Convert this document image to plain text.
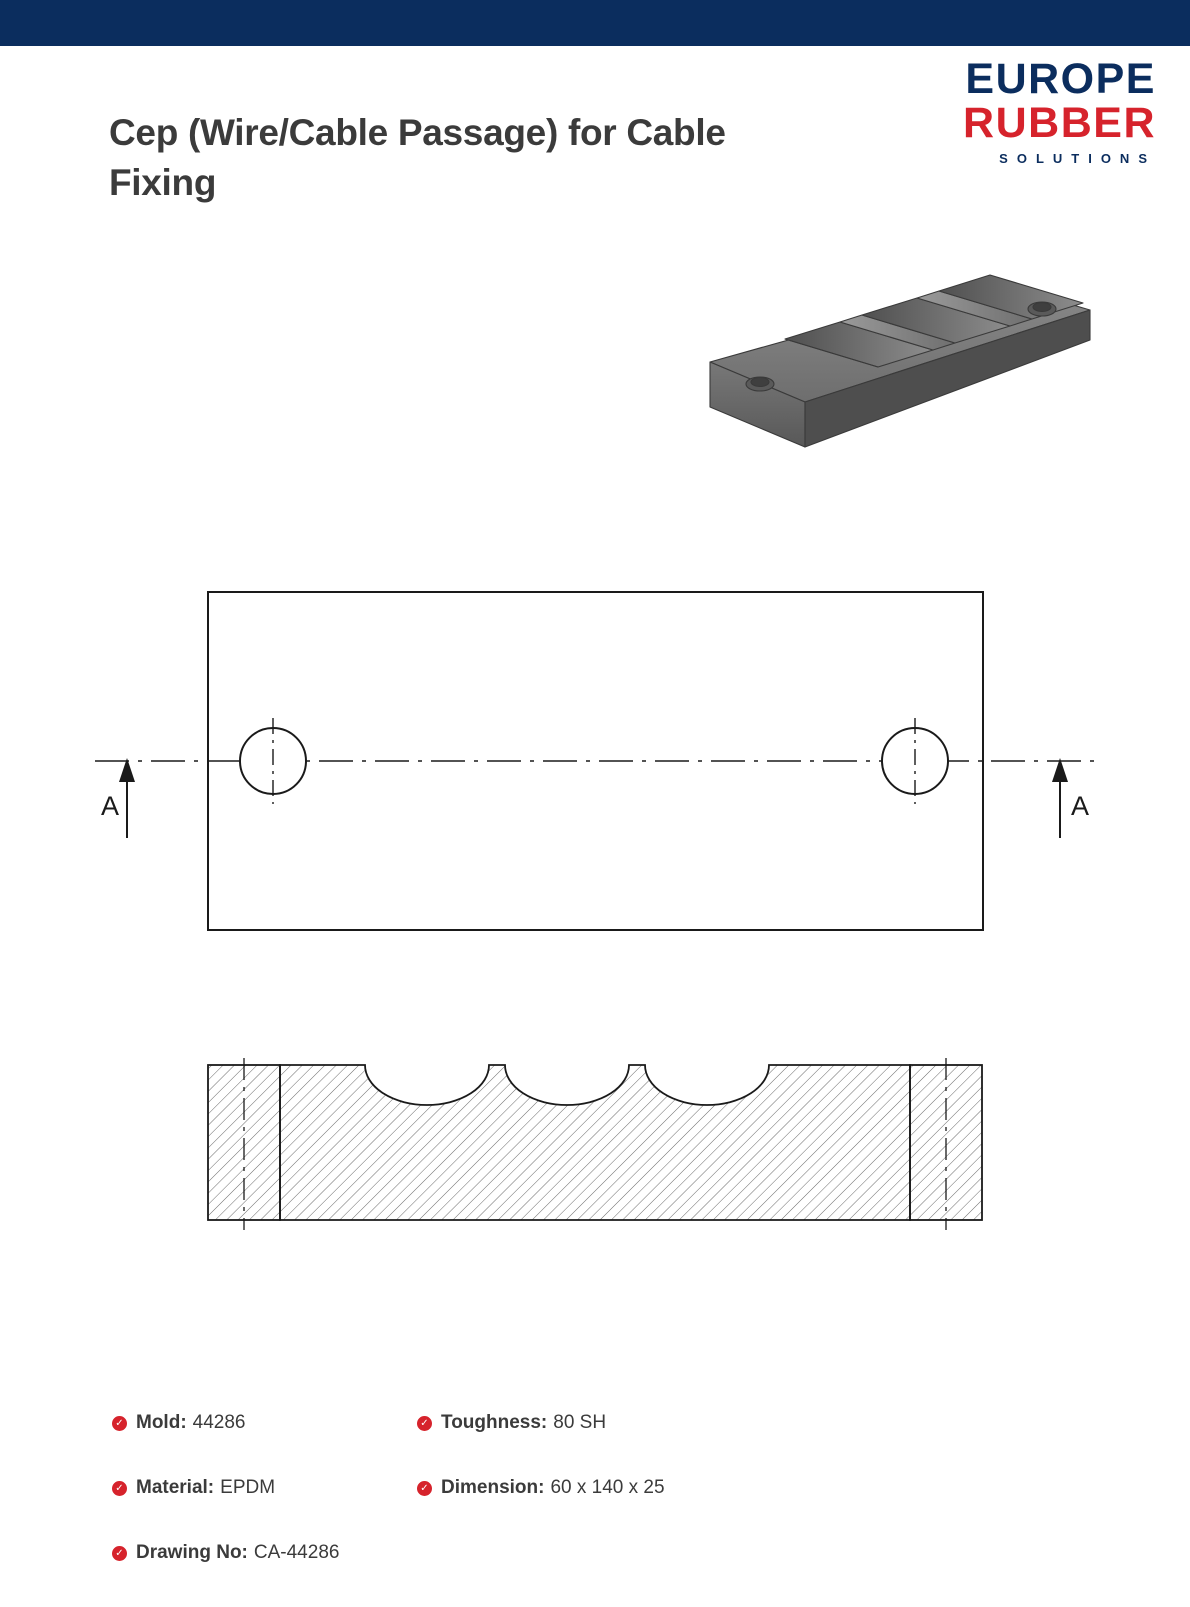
Cep (Wire/Cable Passage) for Cable Fixing
EUROPE
RUBBER
SOLUTIONS
A	A
✓ Mold: 44286	✓ Toughness: 80 SH
✓ Material: EPDM	✓ Dimension: 60 x 140 x 25
✓ Drawing No: CA-44286
